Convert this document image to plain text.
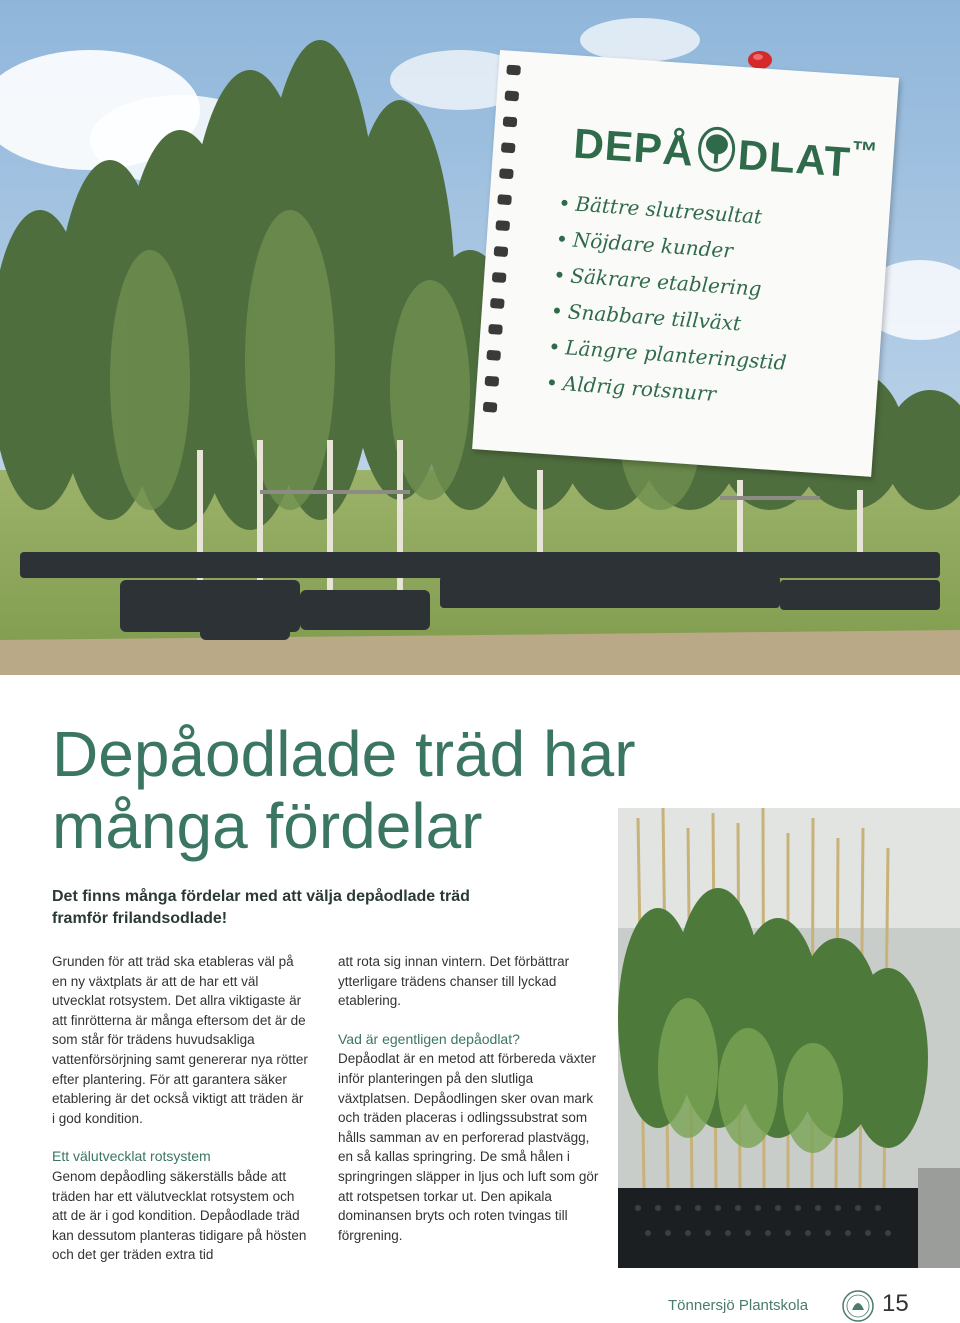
DEPÅ DLAT™
Bättre slutresultat
Nöjdare kunder
Säkrare etablering
Snabbare tillväxt
Längre planteringstid
Aldrig rotsnurr
Depåodlade träd har
många fördelar
Det finns många fördelar med att välja depåodlade träd framför frilandsodlade!

Grunden för att träd ska etableras väl på en ny växtplats är att de har ett väl utvecklat rotsystem. Det allra viktigaste är att finrötterna är många eftersom det är de som står för trädens huvudsakliga vattenförsörjning samt genererar nya rötter efter plantering. För att garantera säker etablering är det också viktigt att träden är i god kondition.

Ett välutvecklat rotsystem

Genom depåodling säkerställs både att träden har ett välutvecklat rotsystem och att de är i god kondition. Depåodlade träd kan dessutom planteras tidigare på hösten och det ger träden extra tid

att rota sig innan vintern. Det förbättrar ytterligare trädens chanser till lyckad etablering.

Vad är egentligen depåodlat?

Depåodlat är en metod att förbereda växter inför planteringen på den slutliga växtplatsen. Depåodlingen sker ovan mark och träden placeras i odlingssubstrat som hålls samman av en perforerad plastvägg, en så kallas springring. De små hålen i springringen släpper in ljus och luft som gör att rotspetsen torkar ut. Den apikala dominansen bryts och roten tvingas till förgrening.

Tönnersjö Plantskola	15
